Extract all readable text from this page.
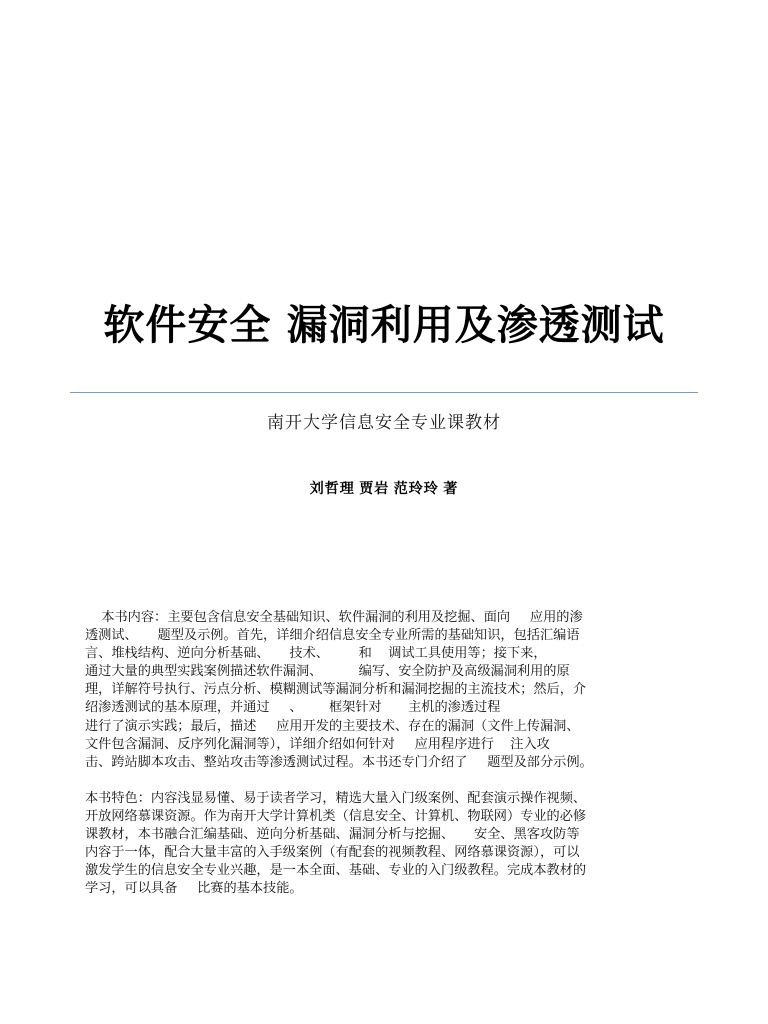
软件安全 漏洞利用及渗透测试
南开大学信息安全专业课教材
刘哲理 贾岩 范玲玲 著

本书内容：主要包含信息安全基础知识、软件漏洞的利用及挖掘、面向      应用的渗
透测试、      题型及示例。首先，详细介绍信息安全专业所需的基础知识，包括汇编语
言、堆栈结构、逆向分析基础、      技术、         和     调试工具使用等；接下来，
通过大量的典型实践案例描述软件漏洞、           编写、安全防护及高级漏洞利用的原
理，详解符号执行、污点分析、模糊测试等漏洞分析和漏洞挖掘的主流技术；然后，介
绍渗透测试的基本原理，并通过      、        框架针对        主机的渗透过程
进行了演示实践；最后，描述      应用开发的主要技术、存在的漏洞（文件上传漏洞、
文件包含漏洞、反序列化漏洞等），详细介绍如何针对      应用程序进行     注入攻
击、跨站脚本攻击、整站攻击等渗透测试过程。本书还专门介绍了      题型及部分示例。

本书特色：内容浅显易懂、易于读者学习，精选大量入门级案例、配套演示操作视频、
开放网络慕课资源。作为南开大学计算机类（信息安全、计算机、物联网）专业的必修
课教材，本书融合汇编基础、逆向分析基础、漏洞分析与挖掘、      安全、黑客攻防等
内容于一体，配合大量丰富的入手级案例（有配套的视频教程、网络慕课资源），可以
激发学生的信息安全专业兴趣，是一本全面、基础、专业的入门级教程。完成本教材的
学习，可以具备      比赛的基本技能。
